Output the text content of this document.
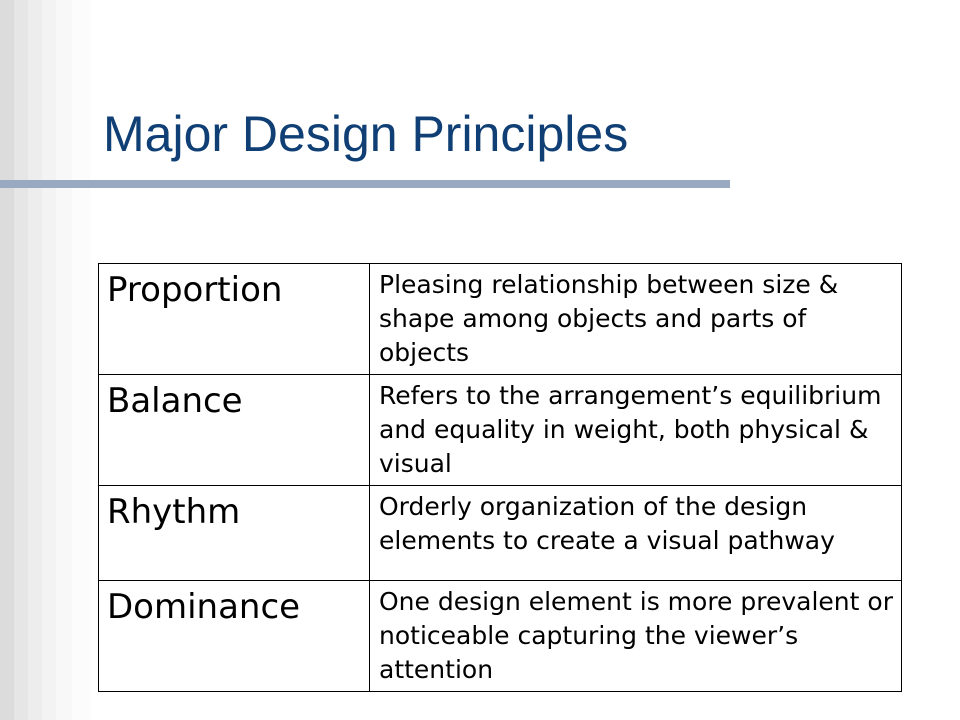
Major Design Principles
Proportion	Pleasing relationship between size & shape among objects and parts of objects
Balance	Refers to the arrangement’s equilibrium and equality in weight, both physical & visual
Rhythm	Orderly organization of the design elements to create a visual pathway
Dominance	One design element is more prevalent or noticeable capturing the viewer’s attention
